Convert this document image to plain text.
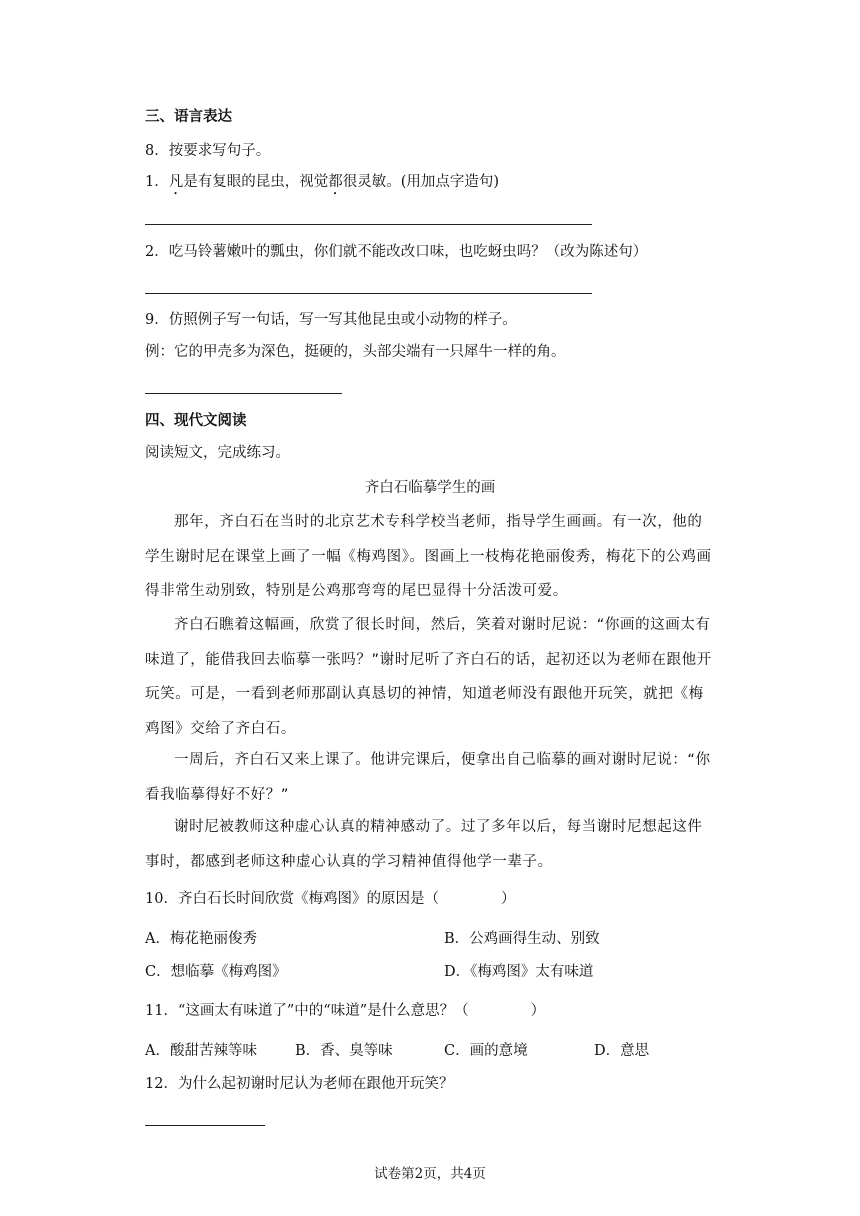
三、语言表达
8．按要求写句子。
1．凡是有复眼的昆虫，视觉都很灵敏。(用加点字造句)
2．吃马铃薯嫩叶的瓢虫，你们就不能改改口味，也吃蚜虫吗？（改为陈述句）
9．仿照例子写一句话，写一写其他昆虫或小动物的样子。
例：它的甲壳多为深色，挺硬的，头部尖端有一只犀牛一样的角。
四、现代文阅读
阅读短文，完成练习。
齐白石临摹学生的画
那年，齐白石在当时的北京艺术专科学校当老师，指导学生画画。有一次，他的学生谢时尼在课堂上画了一幅《梅鸡图》。图画上一枝梅花艳丽俊秀，梅花下的公鸡画得非常生动别致，特别是公鸡那弯弯的尾巴显得十分活泼可爱。
齐白石瞧着这幅画，欣赏了很长时间，然后，笑着对谢时尼说：“你画的这画太有味道了，能借我回去临摹一张吗？”谢时尼听了齐白石的话，起初还以为老师在跟他开玩笑。可是，一看到老师那副认真恳切的神情，知道老师没有跟他开玩笑，就把《梅鸡图》交给了齐白石。
一周后，齐白石又来上课了。他讲完课后，便拿出自己临摹的画对谢时尼说：“你看我临摹得好不好？”
谢时尼被教师这种虚心认真的精神感动了。过了多年以后，每当谢时尼想起这件事时，都感到老师这种虚心认真的学习精神值得他学一辈子。
10．齐白石长时间欣赏《梅鸡图》的原因是（	）
A．梅花艳丽俊秀	B．公鸡画得生动、别致
C．想临摹《梅鸡图》	D．《梅鸡图》太有味道
11．“这画太有味道了”中的“味道”是什么意思？（	）
A．酸甜苦辣等味	B．香、臭等味	C．画的意境	D．意思
12．为什么起初谢时尼认为老师在跟他开玩笑？
试卷第2页，共4页
